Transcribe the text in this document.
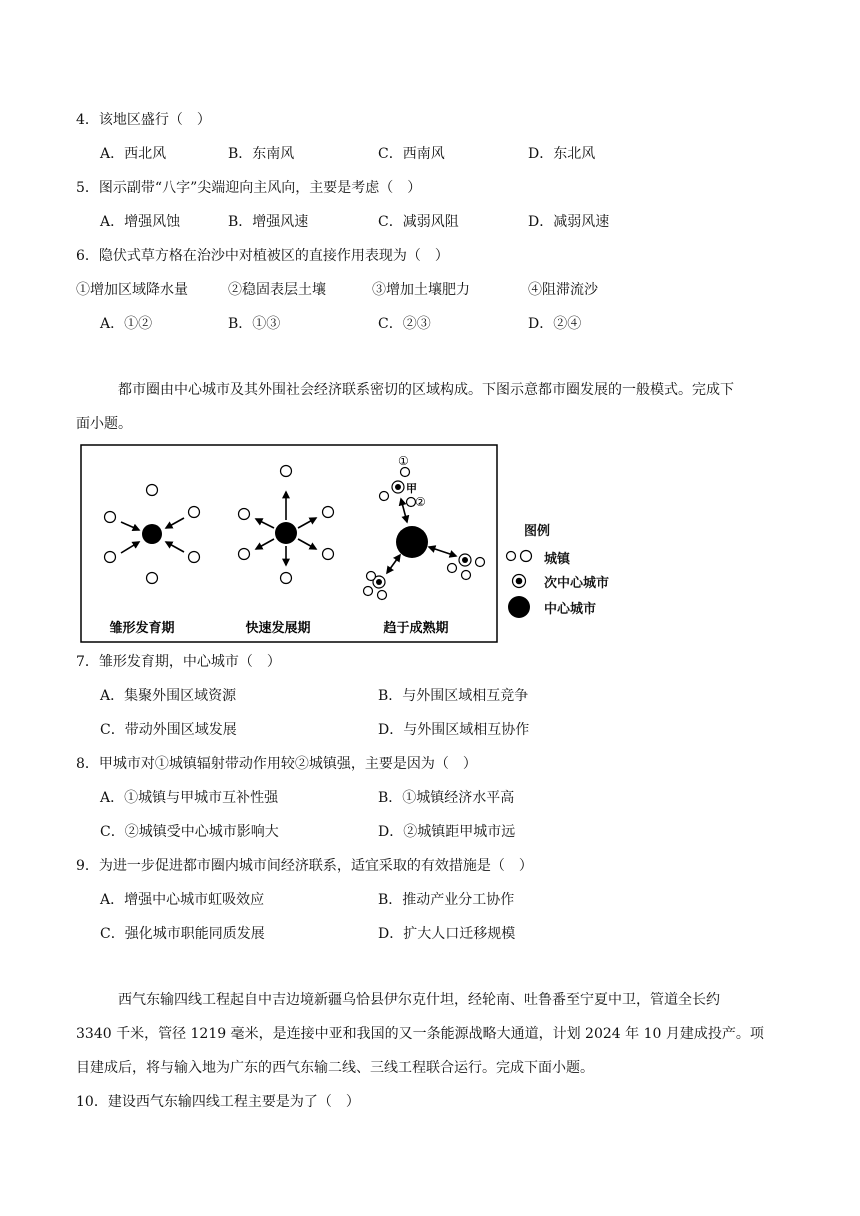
4．该地区盛行（　）
A．西北风	B．东南风	C．西南风	D．东北风
5．图示副带“八字”尖端迎向主风向，主要是考虑（　）
A．增强风蚀	B．增强风速	C．减弱风阻	D．减弱风速
6．隐伏式草方格在治沙中对植被区的直接作用表现为（　）
①增加区域降水量	②稳固表层土壤	③增加土壤肥力	④阻滞流沙
A．①②	B．①③	C．②③	D．②④
都市圈由中心城市及其外围社会经济联系密切的区域构成。下图示意都市圈发展的一般模式。完成下
面小题。
①
甲
②
雏形发育期	快速发展期	趋于成熟期
图例
城镇
次中心城市
中心城市
7．雏形发育期，中心城市（　）
A．集聚外围区域资源	B．与外围区域相互竞争
C．带动外围区域发展	D．与外围区域相互协作
8．甲城市对①城镇辐射带动作用较②城镇强，主要是因为（　）
A．①城镇与甲城市互补性强	B．①城镇经济水平高
C．②城镇受中心城市影响大	D．②城镇距甲城市远
9．为进一步促进都市圈内城市间经济联系，适宜采取的有效措施是（　）
A．增强中心城市虹吸效应	B．推动产业分工协作
C．强化城市职能同质发展	D．扩大人口迁移规模
西气东输四线工程起自中吉边境新疆乌恰县伊尔克什坦，经轮南、吐鲁番至宁夏中卫，管道全长约
3340 千米，管径 1219 毫米，是连接中亚和我国的又一条能源战略大通道，计划 2024 年 10 月建成投产。项
目建成后，将与输入地为广东的西气东输二线、三线工程联合运行。完成下面小题。
10．建设西气东输四线工程主要是为了（　）
